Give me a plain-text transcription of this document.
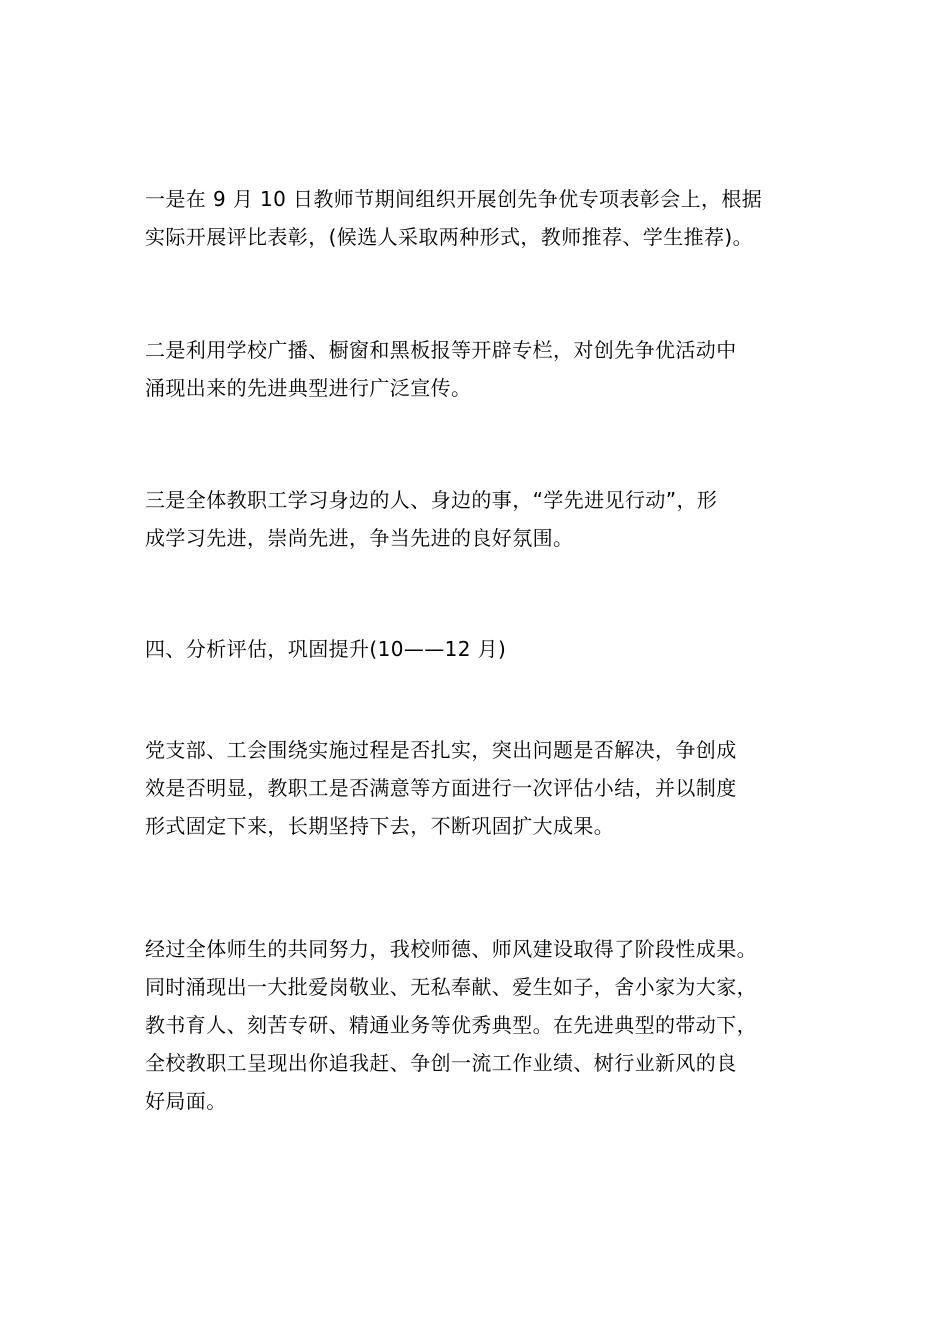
一是在 9 月 10 日教师节期间组织开展创先争优专项表彰会上，根据
实际开展评比表彰，(候选人采取两种形式，教师推荐、学生推荐)。
二是利用学校广播、橱窗和黑板报等开辟专栏，对创先争优活动中
涌现出来的先进典型进行广泛宣传。
三是全体教职工学习身边的人、身边的事，“学先进见行动”，形
成学习先进，崇尚先进，争当先进的良好氛围。
四、分析评估，巩固提升(10——12 月)
党支部、工会围绕实施过程是否扎实，突出问题是否解决，争创成
效是否明显，教职工是否满意等方面进行一次评估小结，并以制度
形式固定下来，长期坚持下去，不断巩固扩大成果。
经过全体师生的共同努力，我校师德、师风建设取得了阶段性成果。
同时涌现出一大批爱岗敬业、无私奉献、爱生如子，舍小家为大家，
教书育人、刻苦专研、精通业务等优秀典型。在先进典型的带动下，
全校教职工呈现出你追我赶、争创一流工作业绩、树行业新风的良
好局面。
